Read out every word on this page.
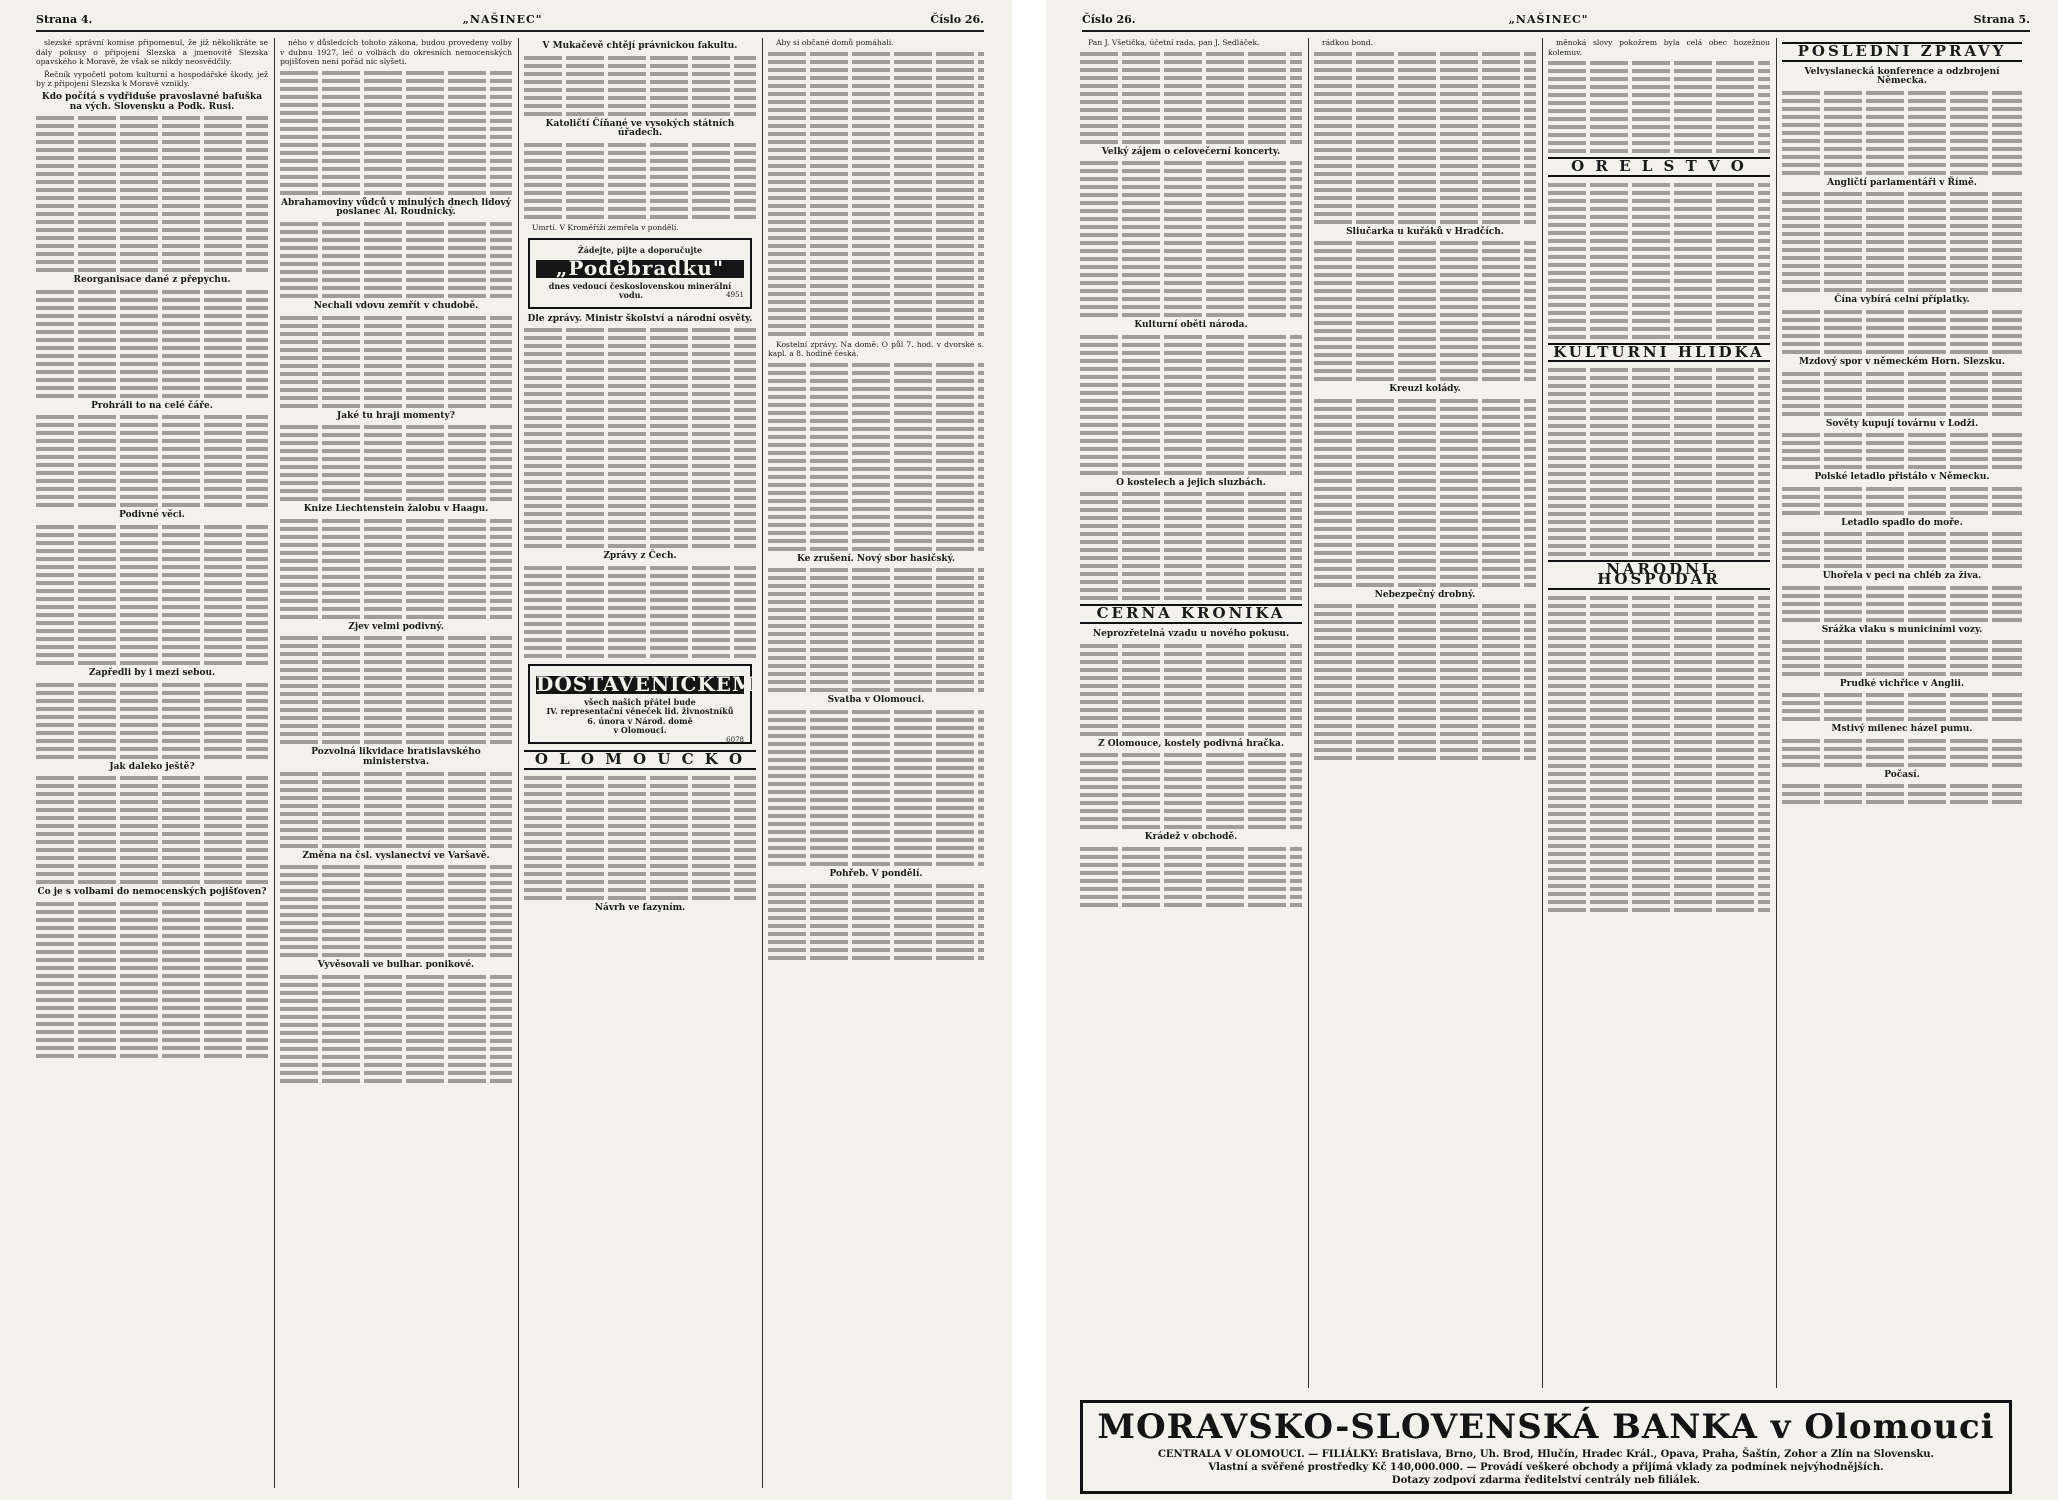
Strana 4.	„NAŠINEC"	Číslo 26.

slezské správní komise připomenul, že již několikráte se dály pokusy o připojení Slezska a jmenovitě Slezska opavského k Moravě, že však se nikdy neosvědčily.

Řečník vypočetl potom kulturní a hospodářské škody, jež by z připojení Slezska k Moravě vznikly.

Kdo počítá s vydřiduše pravoslavné bafuška na vých. Slovensku a Podk. Rusi.
Reorganisace dané z přepychu.
Prohráli to na celé čáře.
Podivné věci.
Zapředli by i mezi sebou.
Jak daleko ještě?
Co je s volbami do nemocenských pojišťoven?

ného v důsledcích tohoto zákona, budou provedeny volby v dubnu 1927, leč o volbách do okresních nemocenských pojišťoven není pořád nic slyšeti.

Abrahamoviny vůdců v minulých dnech lidový poslanec Al. Roudnický.
Nechali vdovu zemřít v chudobě.
Jaké tu hraji momenty?
Knize Liechtenstein žalobu v Haagu.
Zjev velmi podivný.
Pozvolná likvidace bratislavského ministerstva.
Změna na čsl. vyslanectví ve Varšavě.
Vyvěsovali ve bulhar. ponikové.
V Mukačevě chtějí právnickou fakultu.
Katoličtí Číňané ve vysokých státních úřadech.

Umrtí. V Kroměříži zemřela v pondělí.

Žádejte, pijte a doporučujte
„Poděbradku"
dnes vedoucí československou minerální vodu.	4951
Dle zprávy. Ministr školství a národní osvěty.
Zprávy z Čech.
DOSTAVENÍČKEM
všech našich přátel bude
IV. representační věneček lid. živnostníků
6. února v Národ. domě
v Olomouci.
6078
O L O M O U C K O
Návrh ve fazyním.

Aby si občané domů pomáhali.

Kostelní zprávy. Na domě: O půl 7. hod. v dvorské s. kapl. a 8. hodině česká.

Ke zrušení. Nový sbor hasičský.
Svatba v Olomouci.
Pohřeb. V pondělí.
Číslo 26.	„NAŠINEC"	Strana 5.

Pan J. Všetička, účetní rada, pan J. Sedláček.

Velký zájem o celovečerní koncerty.
Kulturní oběti národa.
O kostelech a jejich sluzbách.
ČERNÁ KRONIKA
Neprozřetelná vzadu u nového pokusu.
Z Olomouce, kostely podivná hračka.
Krádež v obchodě.

rádkou bond.

Sliučarka u kuřáků v Hradčích.
Kreuzl kolády.
Nebezpečný drobný.

měnoká slovy pokožrem byla celá obec hozežnou kolemuv.

O R E L S T V O
KULTURNÍ HLÍDKA
NÁRODNÍ HOSPODÁŘ
POSLEDNÍ ZPRÁVY
Velvyslanecká konference a odzbrojení Německa.
Angličtí parlamentáři v Římě.
Čína vybírá celní příplatky.
Mzdový spor v německém Horn. Slezsku.
Sověty kupují továrnu v Lodži.
Polské letadlo přistálo v Německu.
Letadlo spadlo do moře.
Uhořela v peci na chléb za živa.
Srážka vlaku s municiními vozy.
Prudké vichřice v Anglii.
Mstivý milenec házel pumu.
Počasí.
MORAVSKO-SLOVENSKÁ BANKA v Olomouci
CENTRALA V OLOMOUCI. — FILIÁLKY: Bratislava, Brno, Uh. Brod, Hlučín, Hradec Král., Opava, Praha, Šaštín, Zohor a Zlín na Slovensku.
Vlastní a svěřené prostředky Kč 140,000.000. — Provádí veškeré obchody a přijímá vklady za podmínek nejvýhodnějších.
Dotazy zodpoví zdarma ředitelství centrály neb filiálek.
